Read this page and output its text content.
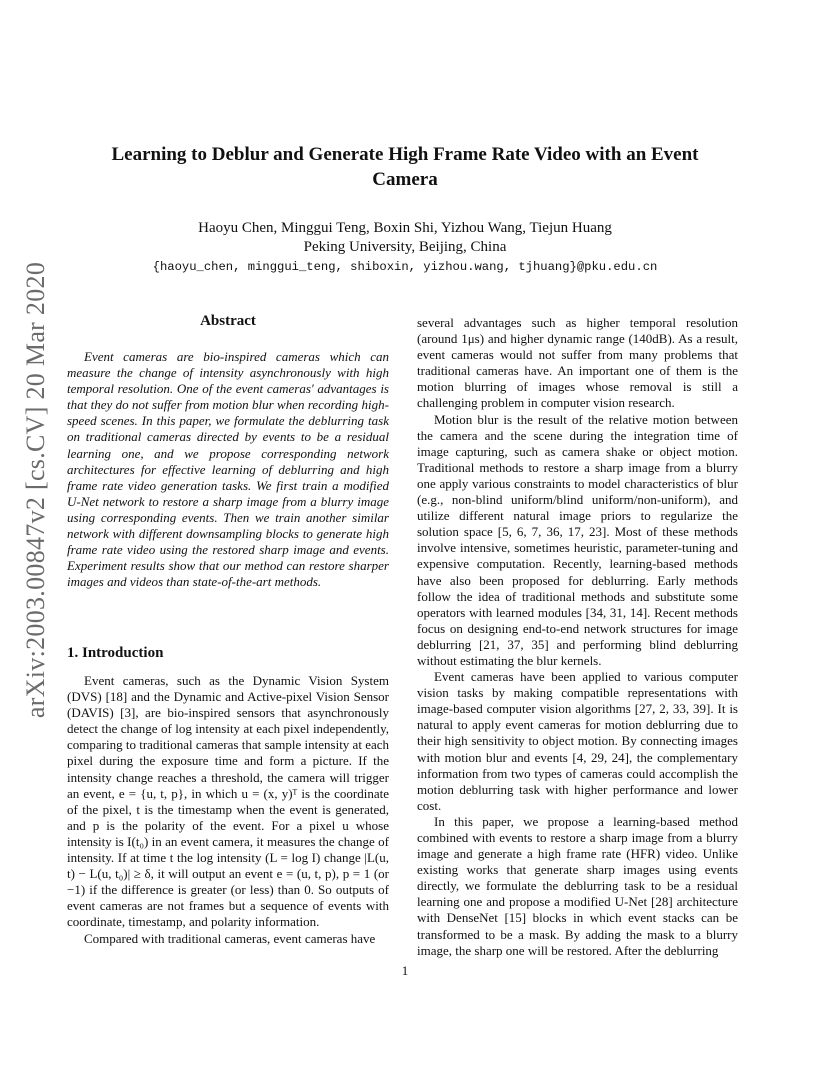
arXiv:2003.00847v2 [cs.CV] 20 Mar 2020
Learning to Deblur and Generate High Frame Rate Video with an Event Camera
Haoyu Chen, Minggui Teng, Boxin Shi, Yizhou Wang, Tiejun Huang
Peking University, Beijing, China
{haoyu_chen, minggui_teng, shiboxin, yizhou.wang, tjhuang}@pku.edu.cn
Abstract

Event cameras are bio-inspired cameras which can measure the change of intensity asynchronously with high temporal resolution. One of the event cameras' advantages is that they do not suffer from motion blur when recording high-speed scenes. In this paper, we formulate the deblurring task on traditional cameras directed by events to be a residual learning one, and we propose corresponding network architectures for effective learning of deblurring and high frame rate video generation tasks. We first train a modified U-Net network to restore a sharp image from a blurry image using corresponding events. Then we train another similar network with different downsampling blocks to generate high frame rate video using the restored sharp image and events. Experiment results show that our method can restore sharper images and videos than state-of-the-art methods.

1. Introduction

Event cameras, such as the Dynamic Vision System (DVS) [18] and the Dynamic and Active-pixel Vision Sensor (DAVIS) [3], are bio-inspired sensors that asynchronously detect the change of log intensity at each pixel independently, comparing to traditional cameras that sample intensity at each pixel during the exposure time and form a picture. If the intensity change reaches a threshold, the camera will trigger an event, e = {u, t, p}, in which u = (x, y)ᵀ is the coordinate of the pixel, t is the timestamp when the event is generated, and p is the polarity of the event. For a pixel u whose intensity is I(t₀) in an event camera, it measures the change of intensity. If at time t the log intensity (L = log I) change |L(u, t) − L(u, t₀)| ≥ δ, it will output an event e = (u, t, p), p = 1 (or −1) if the difference is greater (or less) than 0. So outputs of event cameras are not frames but a sequence of events with coordinate, timestamp, and polarity information.

Compared with traditional cameras, event cameras have

several advantages such as higher temporal resolution (around 1μs) and higher dynamic range (140dB). As a result, event cameras would not suffer from many problems that traditional cameras have. An important one of them is the motion blurring of images whose removal is still a challenging problem in computer vision research.

Motion blur is the result of the relative motion between the camera and the scene during the integration time of image capturing, such as camera shake or object motion. Traditional methods to restore a sharp image from a blurry one apply various constraints to model characteristics of blur (e.g., non-blind uniform/blind uniform/non-uniform), and utilize different natural image priors to regularize the solution space [5, 6, 7, 36, 17, 23]. Most of these methods involve intensive, sometimes heuristic, parameter-tuning and expensive computation. Recently, learning-based methods have also been proposed for deblurring. Early methods follow the idea of traditional methods and substitute some operators with learned modules [34, 31, 14]. Recent methods focus on designing end-to-end network structures for image deblurring [21, 37, 35] and performing blind deblurring without estimating the blur kernels.

Event cameras have been applied to various computer vision tasks by making compatible representations with image-based computer vision algorithms [27, 2, 33, 39]. It is natural to apply event cameras for motion deblurring due to their high sensitivity to object motion. By connecting images with motion blur and events [4, 29, 24], the complementary information from two types of cameras could accomplish the motion deblurring task with higher performance and lower cost.

In this paper, we propose a learning-based method combined with events to restore a sharp image from a blurry image and generate a high frame rate (HFR) video. Unlike existing works that generate sharp images using events directly, we formulate the deblurring task to be a residual learning one and propose a modified U-Net [28] architecture with DenseNet [15] blocks in which event stacks can be transformed to be a mask. By adding the mask to a blurry image, the sharp one will be restored. After the deblurring

1
